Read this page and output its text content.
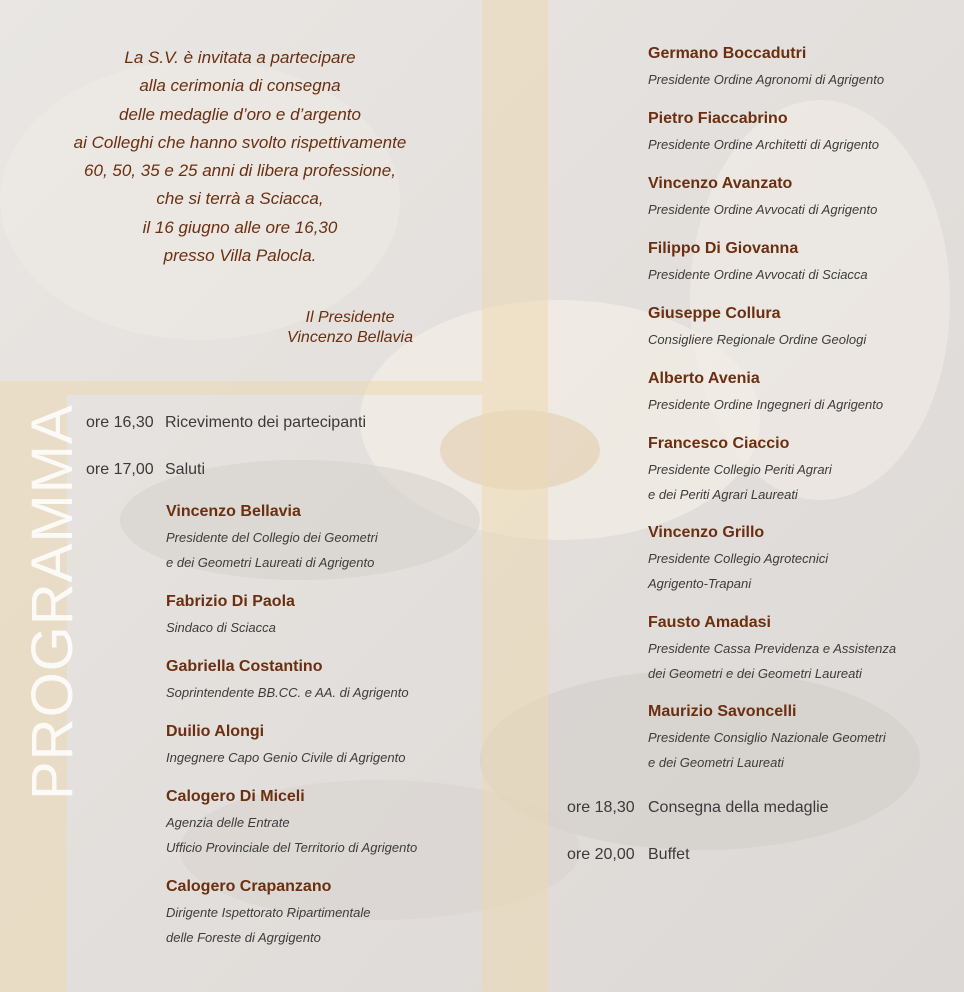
La S.V. è invitata a partecipare
alla cerimonia di consegna
delle medaglie d’oro e d’argento
ai Colleghi che hanno svolto rispettivamente
60, 50, 35 e 25 anni di libera professione,
che si terrà a Sciacca,
il 16 giugno alle ore 16,30
presso Villa Palocla.
Il Presidente
Vincenzo Bellavia
PROGRAMMA ore 16,30 Ricevimento dei partecipanti
ore 17,00 Saluti
ore 18,30 Consegna della medaglie
ore 20,00 Buffet
Vincenzo Bellavia
Presidente del Collegio dei Geometri
e dei Geometri Laureati di Agrigento
Fabrizio Di Paola
Sindaco di Sciacca
Gabriella Costantino
Soprintendente BB.CC. e AA. di Agrigento
Duilio Alongi
Ingegnere Capo Genio Civile di Agrigento
Calogero Di Miceli
Agenzia delle Entrate
Ufficio Provinciale del Territorio di Agrigento
Calogero Crapanzano
Dirigente Ispettorato Ripartimentale
delle Foreste di Agrgigento
Germano Boccadutri
Presidente Ordine Agronomi di Agrigento
Pietro Fiaccabrino
Presidente Ordine Architetti di Agrigento
Vincenzo Avanzato
Presidente Ordine Avvocati di Agrigento
Filippo Di Giovanna
Presidente Ordine Avvocati di Sciacca
Giuseppe Collura
Consigliere Regionale Ordine Geologi
Alberto Avenia
Presidente Ordine Ingegneri di Agrigento
Francesco Ciaccio
Presidente Collegio Periti Agrari
e dei Periti Agrari Laureati
Vincenzo Grillo
Presidente Collegio Agrotecnici
Agrigento-Trapani
Fausto Amadasi
Presidente Cassa Previdenza e Assistenza
dei Geometri e dei Geometri Laureati
Maurizio Savoncelli
Presidente Consiglio Nazionale Geometri
e dei Geometri Laureati
